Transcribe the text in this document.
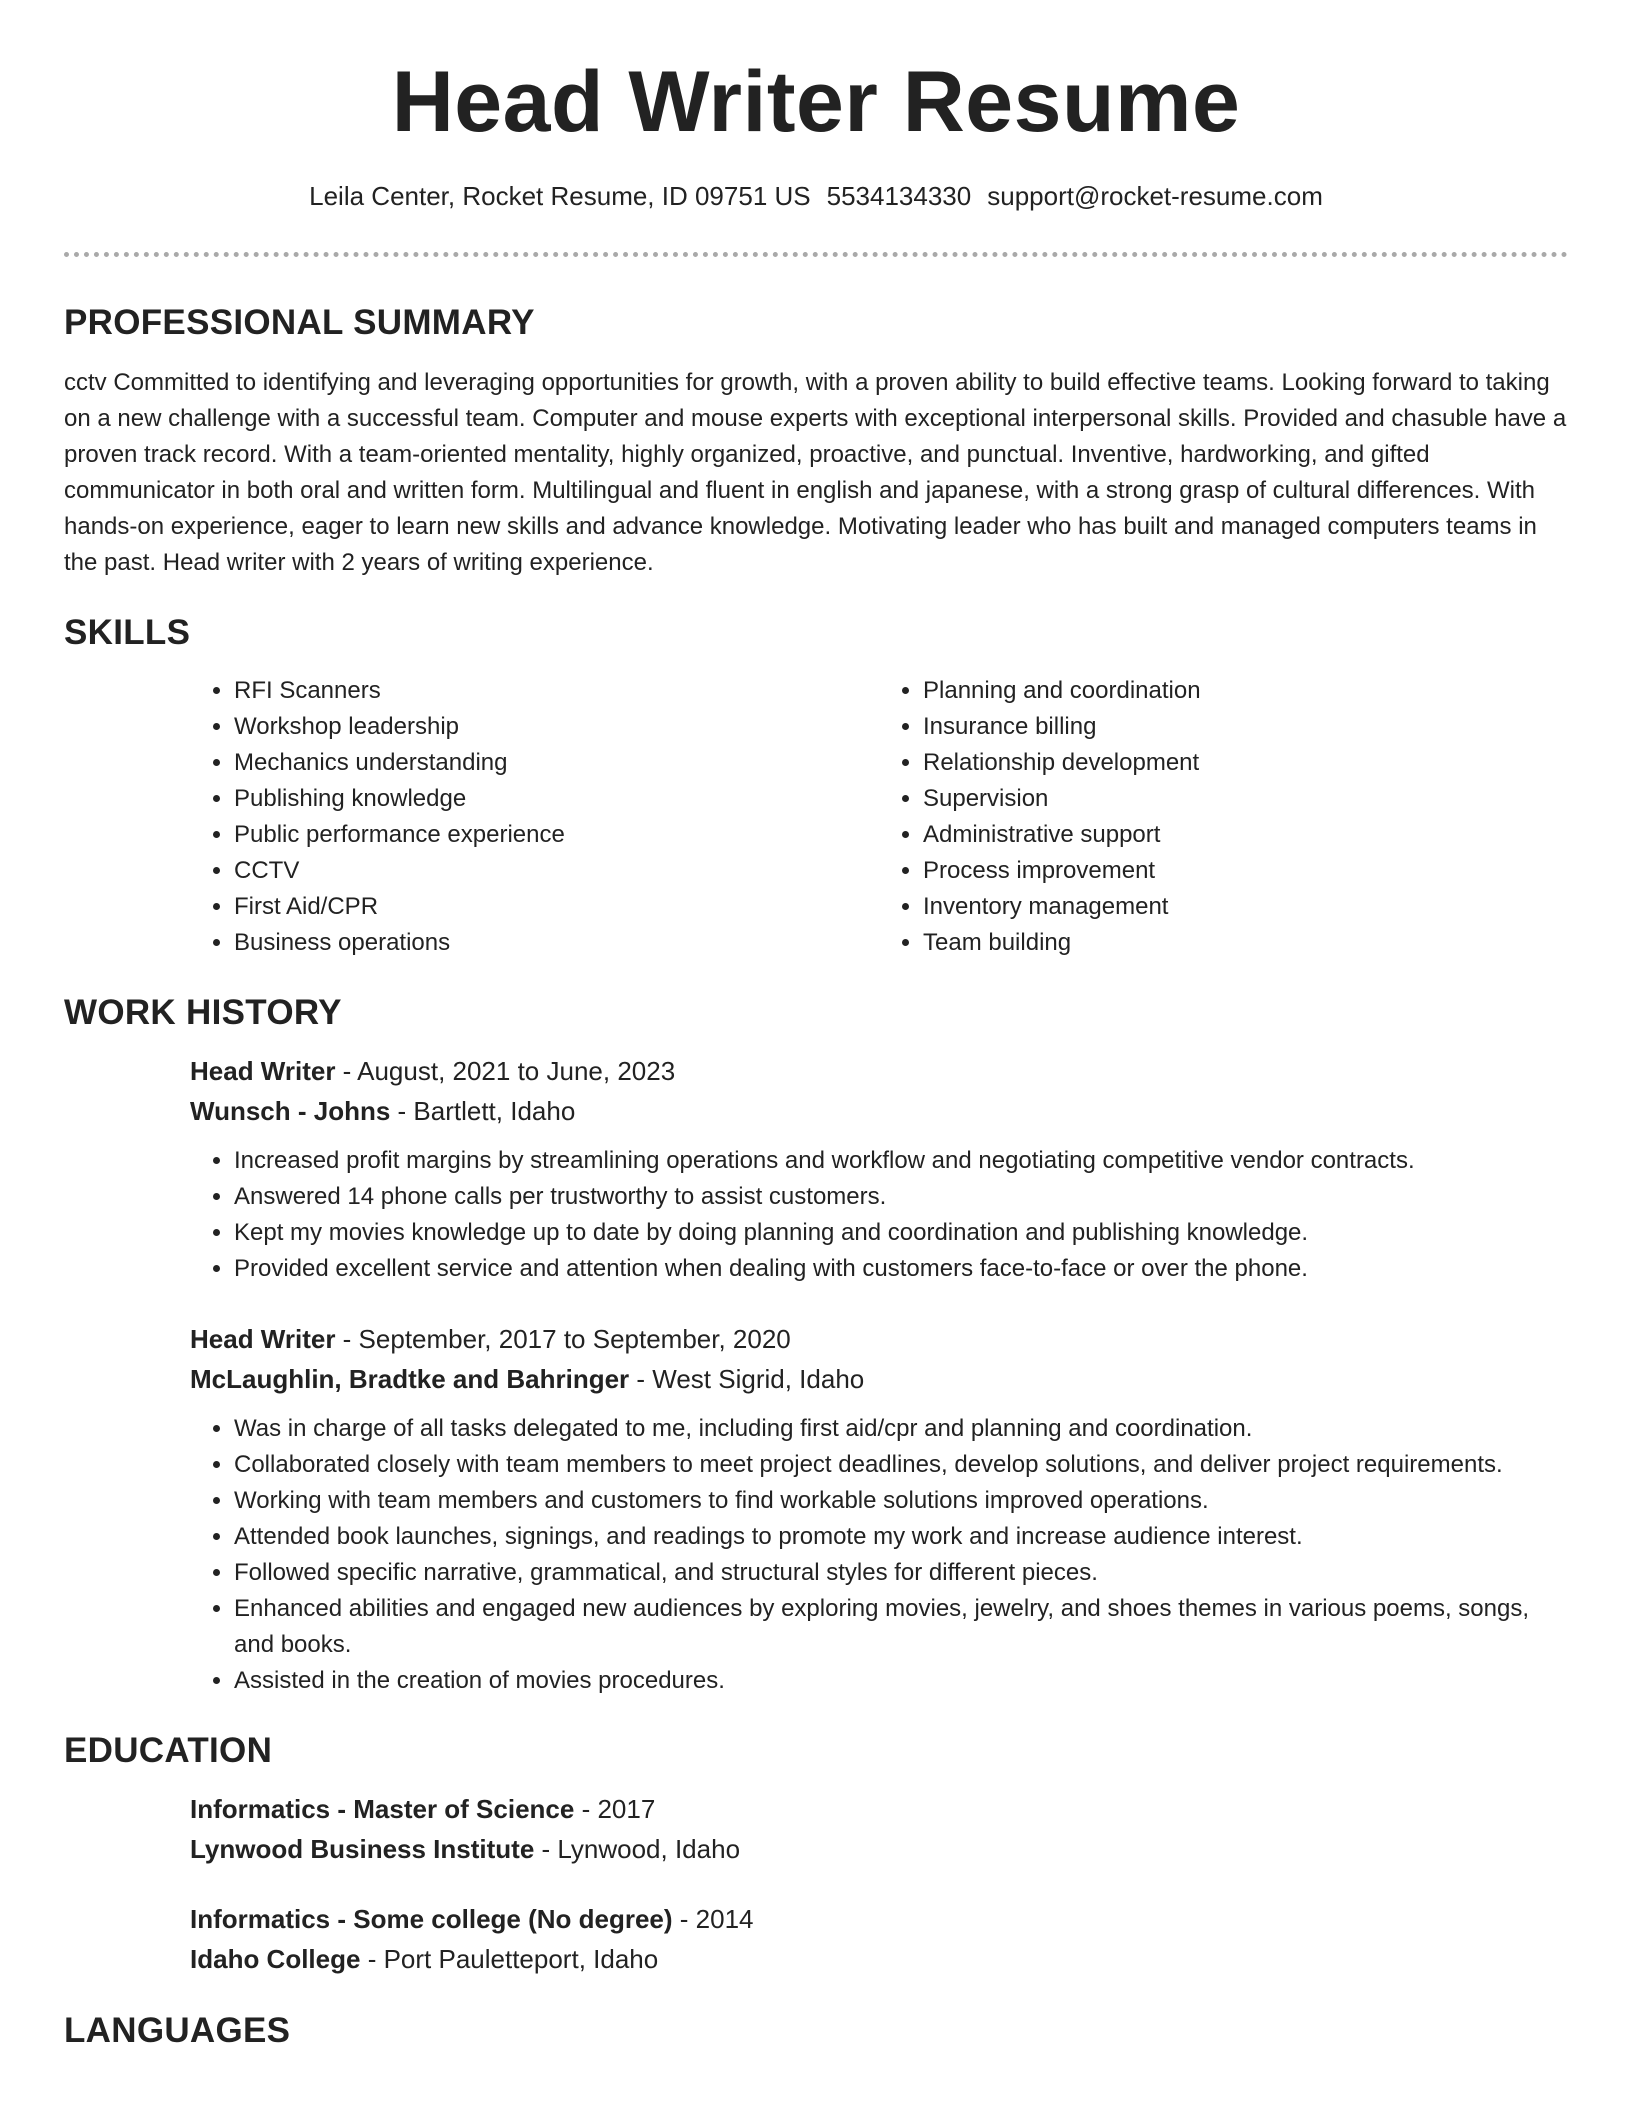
Head Writer Resume
Leila Center, Rocket Resume, ID 09751 US 5534134330 support@rocket-resume.com
PROFESSIONAL SUMMARY

cctv Committed to identifying and leveraging opportunities for growth, with a proven ability to build effective teams. Looking forward to taking on a new challenge with a successful team. Computer and mouse experts with exceptional interpersonal skills. Provided and chasuble have a proven track record. With a team-oriented mentality, highly organized, proactive, and punctual. Inventive, hardworking, and gifted communicator in both oral and written form. Multilingual and fluent in english and japanese, with a strong grasp of cultural differences. With hands-on experience, eager to learn new skills and advance knowledge. Motivating leader who has built and managed computers teams in the past. Head writer with 2 years of writing experience.

SKILLS
• RFI Scanners
• Workshop leadership
• Mechanics understanding
• Publishing knowledge
• Public performance experience
• CCTV
• First Aid/CPR
• Business operations
• Planning and coordination
• Insurance billing
• Relationship development
• Supervision
• Administrative support
• Process improvement
• Inventory management
• Team building
WORK HISTORY
Head Writer - August, 2021 to June, 2023
Wunsch - Johns - Bartlett, Idaho
• Increased profit margins by streamlining operations and workflow and negotiating competitive vendor contracts.
• Answered 14 phone calls per trustworthy to assist customers.
• Kept my movies knowledge up to date by doing planning and coordination and publishing knowledge.
• Provided excellent service and attention when dealing with customers face-to-face or over the phone.
Head Writer - September, 2017 to September, 2020
McLaughlin, Bradtke and Bahringer - West Sigrid, Idaho
• Was in charge of all tasks delegated to me, including first aid/cpr and planning and coordination.
• Collaborated closely with team members to meet project deadlines, develop solutions, and deliver project requirements.
• Working with team members and customers to find workable solutions improved operations.
• Attended book launches, signings, and readings to promote my work and increase audience interest.
• Followed specific narrative, grammatical, and structural styles for different pieces.
• Enhanced abilities and engaged new audiences by exploring movies, jewelry, and shoes themes in various poems, songs, and books.
• Assisted in the creation of movies procedures.
EDUCATION
Informatics - Master of Science - 2017
Lynwood Business Institute - Lynwood, Idaho
Informatics - Some college (No degree) - 2014
Idaho College - Port Pauletteport, Idaho
LANGUAGES
